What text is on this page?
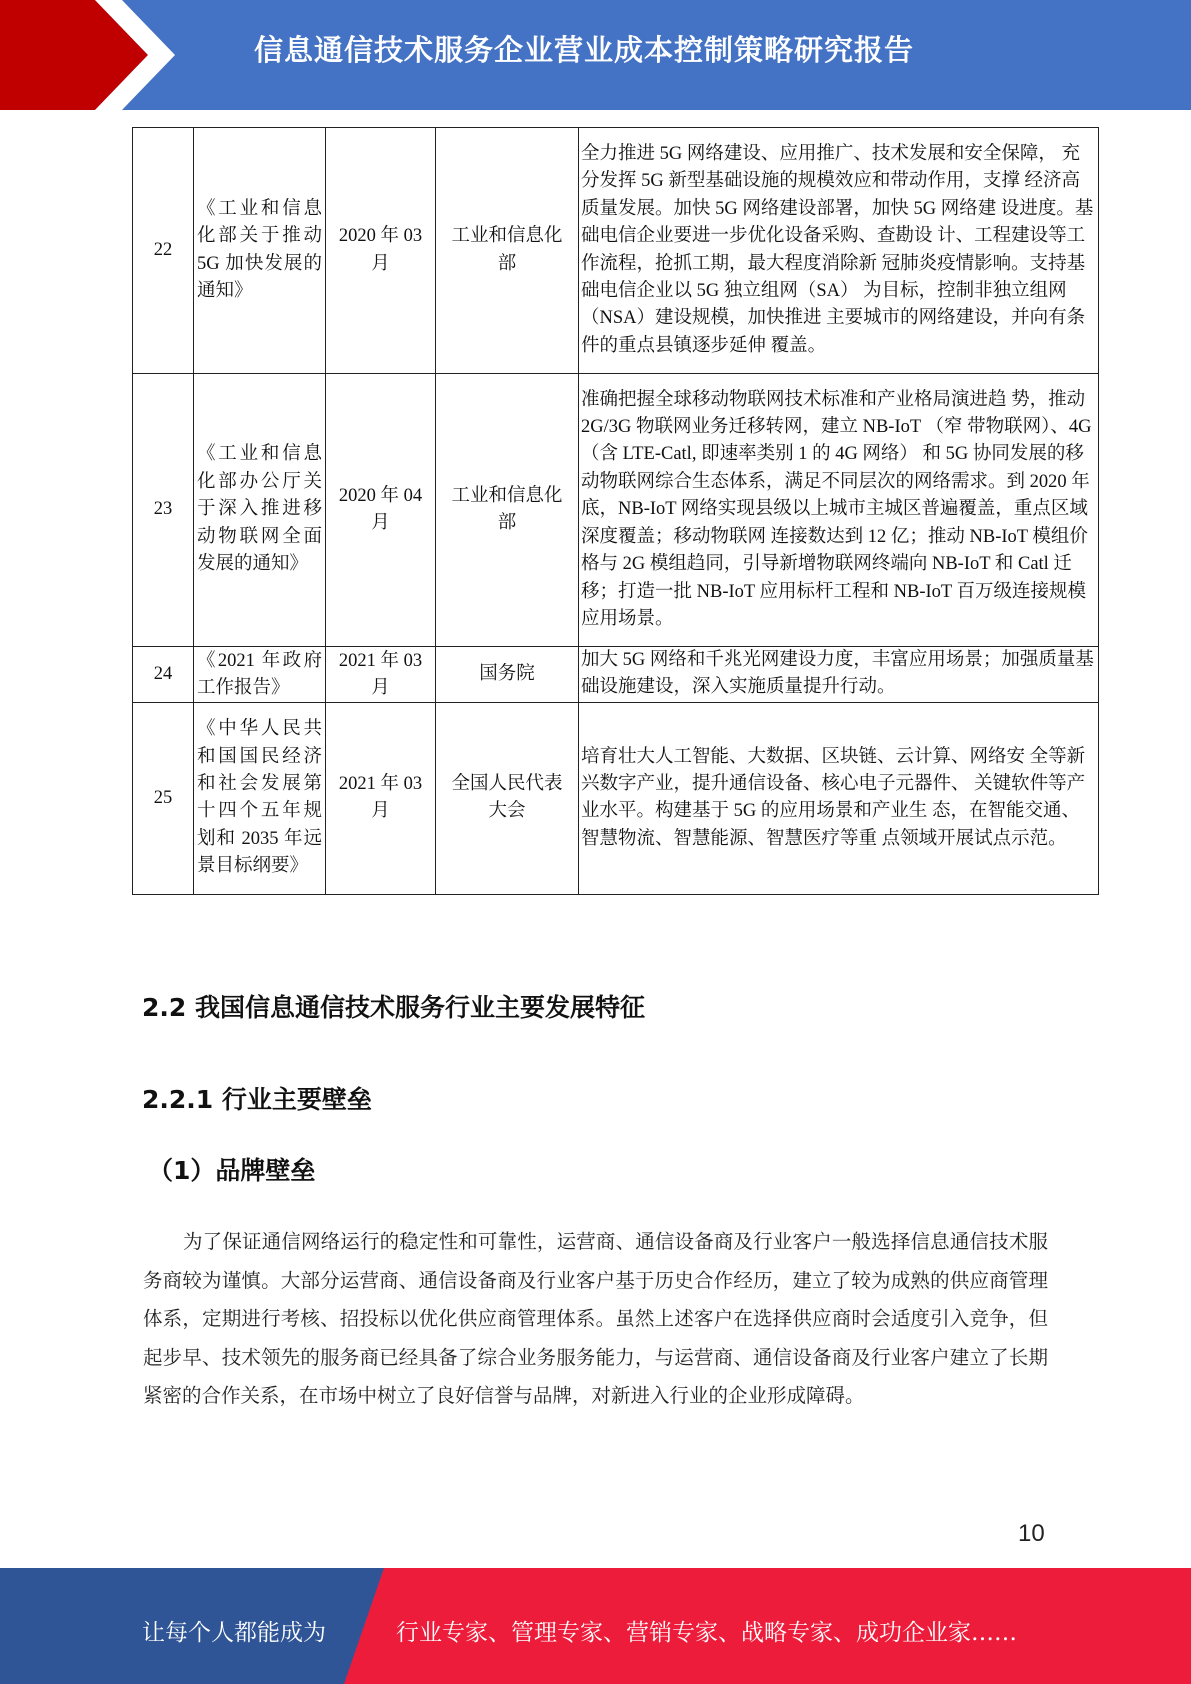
信息通信技术服务企业营业成本控制策略研究报告
22	《工业和信息化部关于推动 5G 加快发展的通知》	2020 年 03 月	工业和信息化部	全力推进 5G 网络建设、应用推广、技术发展和安全保障， 充分发挥 5G 新型基础设施的规模效应和带动作用，支撑 经济高质量发展。加快 5G 网络建设部署，加快 5G 网络建 设进度。基础电信企业要进一步优化设备采购、查勘设 计、工程建设等工作流程，抢抓工期，最大程度消除新 冠肺炎疫情影响。支持基础电信企业以 5G 独立组网（SA） 为目标，控制非独立组网（NSA）建设规模，加快推进 主要城市的网络建设，并向有条件的重点县镇逐步延伸 覆盖。
23	《工业和信息化部办公厅关于深入推进移动物联网全面发展的通知》	2020 年 04 月	工业和信息化部	准确把握全球移动物联网技术标准和产业格局演进趋 势，推动 2G/3G 物联网业务迁移转网，建立 NB-IoT （窄 带物联网）、4G （含 LTE-Catl, 即速率类别 1 的 4G 网络） 和 5G 协同发展的移动物联网综合生态体系，满足不同层次的网络需求。到 2020 年底，NB-IoT 网络实现县级以上城市主城区普遍覆盖，重点区域深度覆盖；移动物联网 连接数达到 12 亿；推动 NB-IoT 模组价格与 2G 模组趋同，引导新增物联网终端向 NB-IoT 和 Catl 迁移；打造一批 NB-IoT 应用标杆工程和 NB-IoT 百万级连接规模应用场景。
24	《2021 年政府工作报告》	2021 年 03 月	国务院	加大 5G 网络和千兆光网建设力度，丰富应用场景；加强质量基础设施建设，深入实施质量提升行动。
25	《中华人民共和国国民经济和社会发展第十四个五年规划和 2035 年远景目标纲要》	2021 年 03 月	全国人民代表大会	培育壮大人工智能、大数据、区块链、云计算、网络安 全等新兴数字产业，提升通信设备、核心电子元器件、 关键软件等产业水平。构建基于 5G 的应用场景和产业生 态，在智能交通、智慧物流、智慧能源、智慧医疗等重 点领域开展试点示范。
2.2 我国信息通信技术服务行业主要发展特征
2.2.1 行业主要壁垒
（1）品牌壁垒
为了保证通信网络运行的稳定性和可靠性，运营商、通信设备商及行业客户一般选择信息通信技术服务商较为谨慎。大部分运营商、通信设备商及行业客户基于历史合作经历，建立了较为成熟的供应商管理体系，定期进行考核、招投标以优化供应商管理体系。虽然上述客户在选择供应商时会适度引入竞争，但起步早、技术领先的服务商已经具备了综合业务服务能力，与运营商、通信设备商及行业客户建立了长期紧密的合作关系，在市场中树立了良好信誉与品牌，对新进入行业的企业形成障碍。
10
让每个人都能成为	行业专家、管理专家、营销专家、战略专家、成功企业家……
